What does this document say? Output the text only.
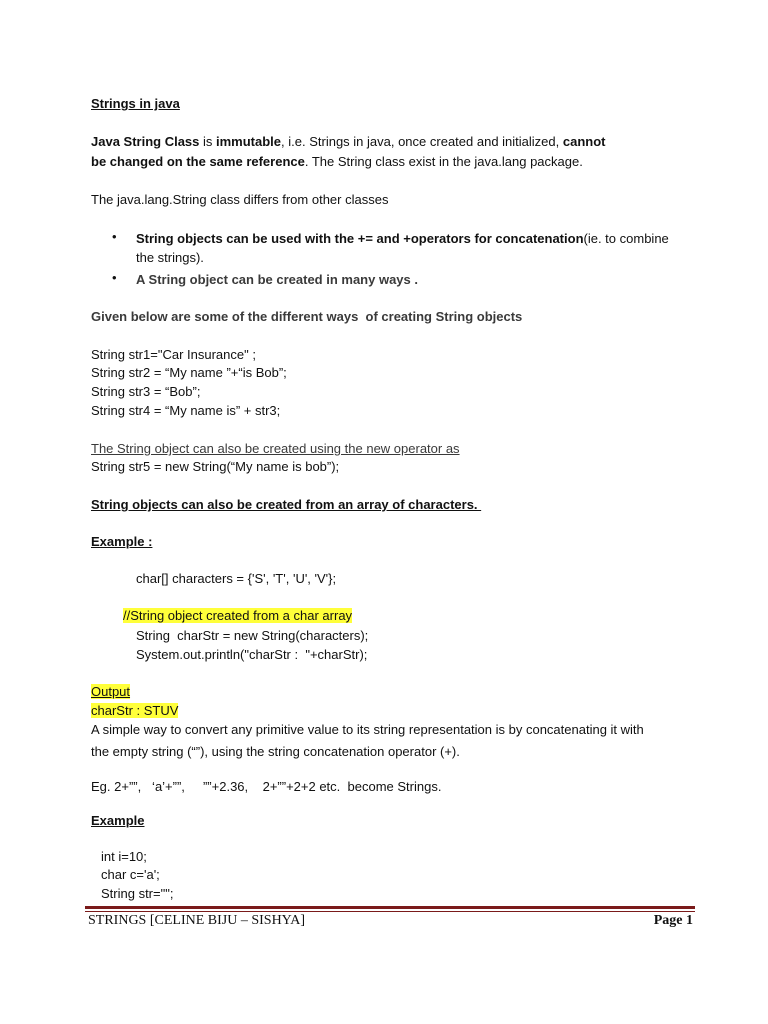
Strings in java
Java String Class is immutable, i.e. Strings in java, once created and initialized, cannot
be changed on the same reference. The String class exist in the java.lang package.
The java.lang.String class differs from other classes
• String objects can be used with the += and +operators for concatenation(ie. to combine
the strings).
• A String object can be created in many ways .
Given below are some of the different ways  of creating String objects
String str1="Car Insurance" ;
String str2 = “My name ”+“is Bob”;
String str3 = “Bob”;
String str4 = “My name is” + str3;
The String object can also be created using the new operator as
String str5 = new String(“My name is bob”);
String objects can also be created from an array of characters.
Example :
char[] characters = {'S', 'T', 'U', 'V'};
//String object created from a char array
String  charStr = new String(characters);
System.out.println("charStr :  "+charStr);
Output
charStr : STUV
A simple way to convert any primitive value to its string representation is by concatenating it with
the empty string (“”), using the string concatenation operator (+).
Eg. 2+””,   ‘a’+””,     ””+2.36,    2+””+2+2 etc.  become Strings.
Example
int i=10;
char c='a';
String str="";
STRINGS [CELINE BIJU – SISHYA]	Page 1
